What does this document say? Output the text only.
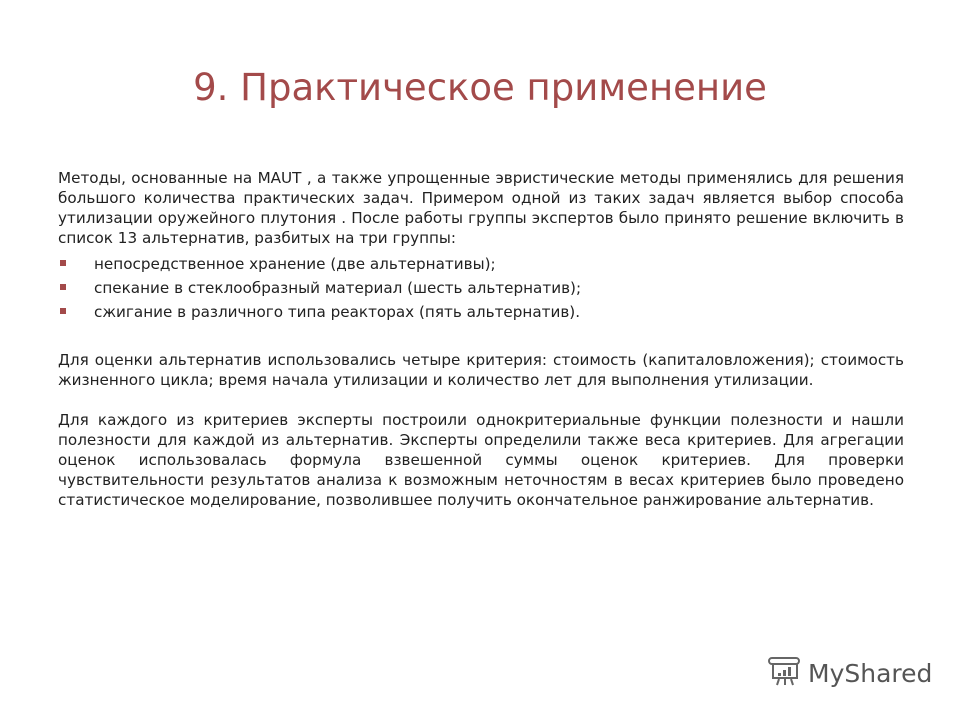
9. Практическое применение

Методы, основанные на MAUT , а также упрощенные эвристические методы применялись для решения большого количества практических задач. Примером одной из таких задач является выбор способа утилизации оружейного плутония . После работы группы экспертов было принято решение включить в список 13 альтернатив, разбитых на три группы:

непосредственное хранение (две альтернативы);
спекание в стеклообразный материал (шесть альтернатив);
сжигание в различного типа реакторах (пять альтернатив).

Для оценки альтернатив использовались четыре критерия: стоимость (капиталовложения); стоимость жизненного цикла; время начала утилизации и количество лет для выполнения утилизации.

Для каждого из критериев эксперты построили однокритериальные функции полезности и нашли полезности для каждой из альтернатив. Эксперты определили также веса критериев. Для агрегации оценок использовалась формула взвешенной суммы оценок критериев. Для проверки чувствительности результатов анализа к возможным неточностям в весах критериев было проведено статистическое моделирование, позволившее получить окончательное ранжирование альтернатив.

MyShared
